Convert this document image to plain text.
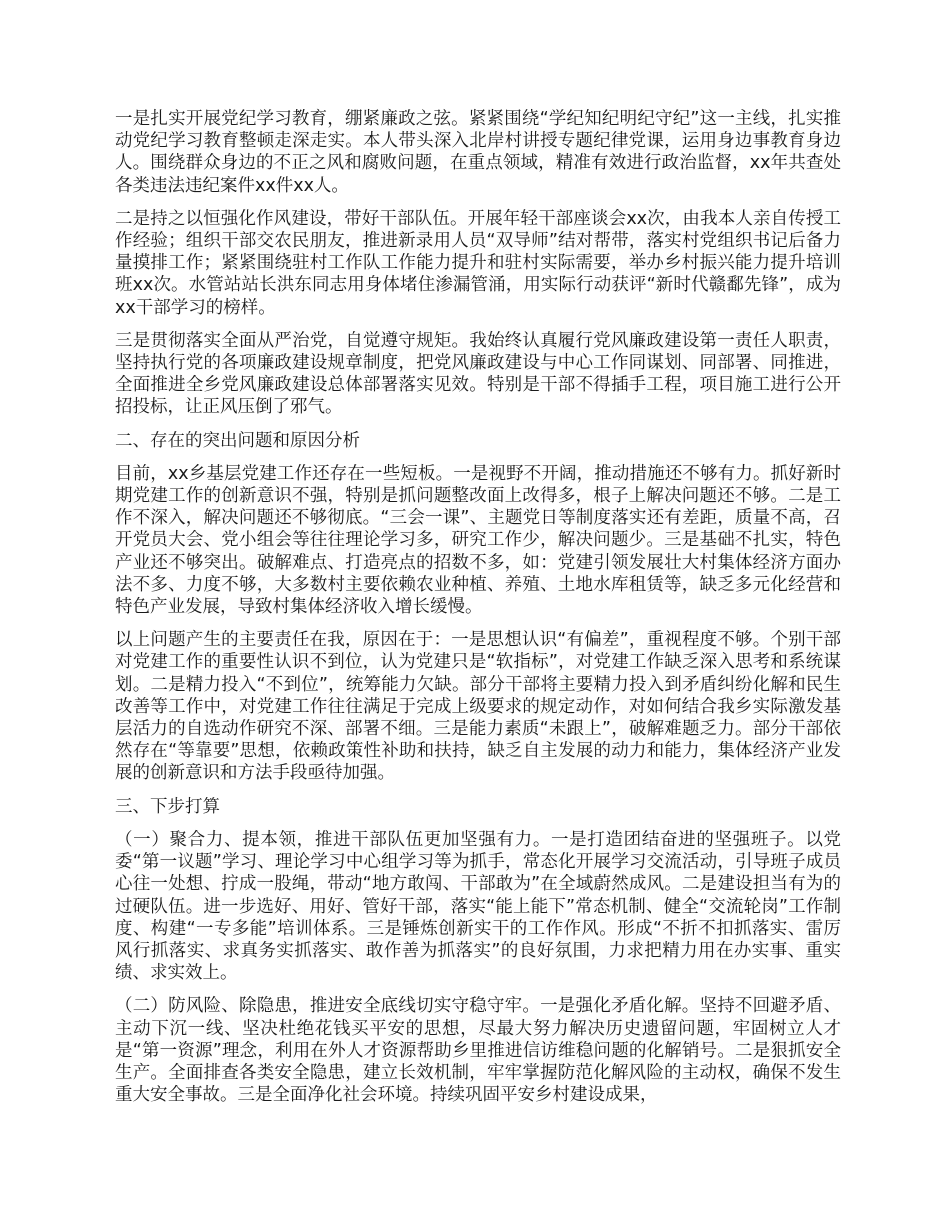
一是扎实开展党纪学习教育，绷紧廉政之弦。紧紧围绕“学纪知纪明纪守纪”这一主线，扎实推动党纪学习教育整顿走深走实。本人带头深入北岸村讲授专题纪律党课，运用身边事教育身边人。围绕群众身边的不正之风和腐败问题，在重点领域，精准有效进行政治监督，xx年共查处各类违法违纪案件xx件xx人。

二是持之以恒强化作风建设，带好干部队伍。开展年轻干部座谈会xx次，由我本人亲自传授工作经验；组织干部交农民朋友，推进新录用人员“双导师”结对帮带，落实村党组织书记后备力量摸排工作；紧紧围绕驻村工作队工作能力提升和驻村实际需要，举办乡村振兴能力提升培训班xx次。水管站站长洪东同志用身体堵住渗漏管涌，用实际行动获评“新时代赣鄱先锋”，成为xx干部学习的榜样。

三是贯彻落实全面从严治党，自觉遵守规矩。我始终认真履行党风廉政建设第一责任人职责，坚持执行党的各项廉政建设规章制度，把党风廉政建设与中心工作同谋划、同部署、同推进，全面推进全乡党风廉政建设总体部署落实见效。特别是干部不得插手工程，项目施工进行公开招投标，让正风压倒了邪气。

二、存在的突出问题和原因分析

目前，xx乡基层党建工作还存在一些短板。一是视野不开阔，推动措施还不够有力。抓好新时期党建工作的创新意识不强，特别是抓问题整改面上改得多，根子上解决问题还不够。二是工作不深入，解决问题还不够彻底。“三会一课”、主题党日等制度落实还有差距，质量不高，召开党员大会、党小组会等往往理论学习多，研究工作少，解决问题少。三是基础不扎实，特色产业还不够突出。破解难点、打造亮点的招数不多，如：党建引领发展壮大村集体经济方面办法不多、力度不够，大多数村主要依赖农业种植、养殖、土地水库租赁等，缺乏多元化经营和特色产业发展，导致村集体经济收入增长缓慢。

以上问题产生的主要责任在我，原因在于：一是思想认识“有偏差”，重视程度不够。个别干部对党建工作的重要性认识不到位，认为党建只是“软指标”，对党建工作缺乏深入思考和系统谋划。二是精力投入“不到位”，统筹能力欠缺。部分干部将主要精力投入到矛盾纠纷化解和民生改善等工作中，对党建工作往往满足于完成上级要求的规定动作，对如何结合我乡实际激发基层活力的自选动作研究不深、部署不细。三是能力素质“未跟上”，破解难题乏力。部分干部依然存在“等靠要”思想，依赖政策性补助和扶持，缺乏自主发展的动力和能力，集体经济产业发展的创新意识和方法手段亟待加强。

三、下步打算

（一）聚合力、提本领，推进干部队伍更加坚强有力。一是打造团结奋进的坚强班子。以党委“第一议题”学习、理论学习中心组学习等为抓手，常态化开展学习交流活动，引导班子成员心往一处想、拧成一股绳，带动“地方敢闯、干部敢为”在全域蔚然成风。二是建设担当有为的过硬队伍。进一步选好、用好、管好干部，落实“能上能下”常态机制、健全“交流轮岗”工作制度、构建“一专多能”培训体系。三是锤炼创新实干的工作作风。形成“不折不扣抓落实、雷厉风行抓落实、求真务实抓落实、敢作善为抓落实”的良好氛围，力求把精力用在办实事、重实绩、求实效上。

（二）防风险、除隐患，推进安全底线切实守稳守牢。一是强化矛盾化解。坚持不回避矛盾、主动下沉一线、坚决杜绝花钱买平安的思想，尽最大努力解决历史遗留问题，牢固树立人才是“第一资源”理念，利用在外人才资源帮助乡里推进信访维稳问题的化解销号。二是狠抓安全生产。全面排查各类安全隐患，建立长效机制，牢牢掌握防范化解风险的主动权，确保不发生重大安全事故。三是全面净化社会环境。持续巩固平安乡村建设成果，
